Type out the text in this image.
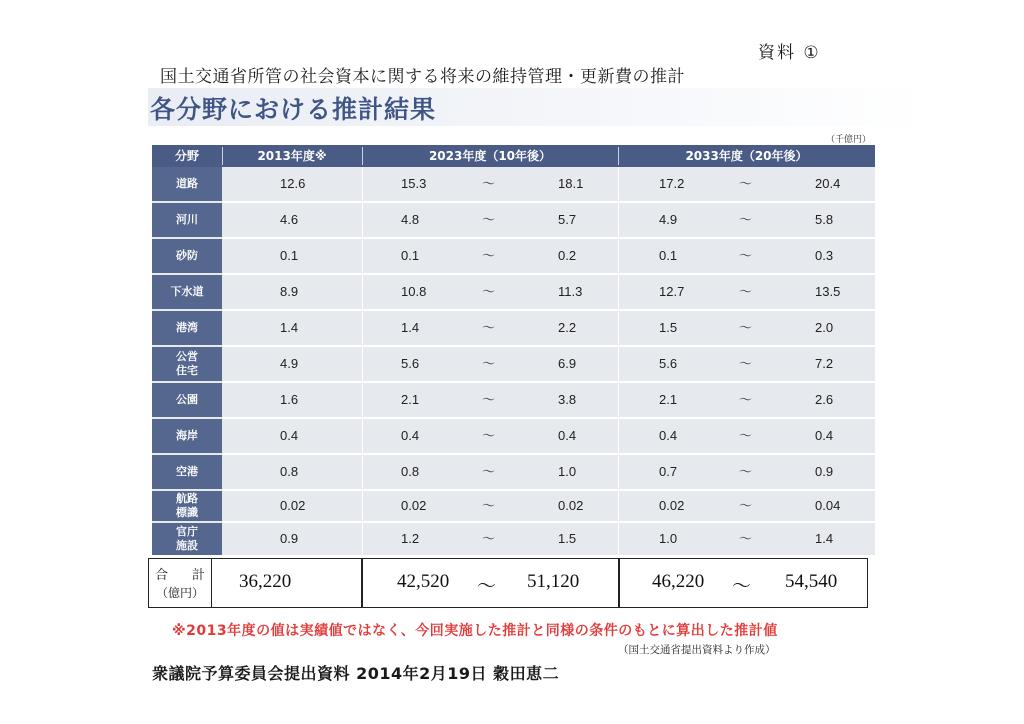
資料 ①
国土交通省所管の社会資本に関する将来の維持管理・更新費の推計
各分野における推計結果
（千億円）
分野	2013年度※	2023年度（10年後）	2033年度（20年後）
道路	12.6	15.3	〜	18.1	17.2	〜	20.4
河川	4.6	4.8	〜	5.7	4.9	〜	5.8
砂防	0.1	0.1	〜	0.2	0.1	〜	0.3
下水道	8.9	10.8	〜	11.3	12.7	〜	13.5
港湾	1.4	1.4	〜	2.2	1.5	〜	2.0
公営
住宅	4.9	5.6	〜	6.9	5.6	〜	7.2
公園	1.6	2.1	〜	3.8	2.1	〜	2.6
海岸	0.4	0.4	〜	0.4	0.4	〜	0.4
空港	0.8	0.8	〜	1.0	0.7	〜	0.9
航路
標識	0.02	0.02	〜	0.02	0.02	〜	0.04
官庁
施設	0.9	1.2	〜	1.5	1.0	〜	1.4
合計
（億円）
36,220	42,520 〜 51,120	46,220 〜 54,540
※2013年度の値は実績値ではなく、今回実施した推計と同様の条件のもとに算出した推計値
（国土交通省提出資料より作成）
衆議院予算委員会提出資料 2014年2月19日 穀田恵二
